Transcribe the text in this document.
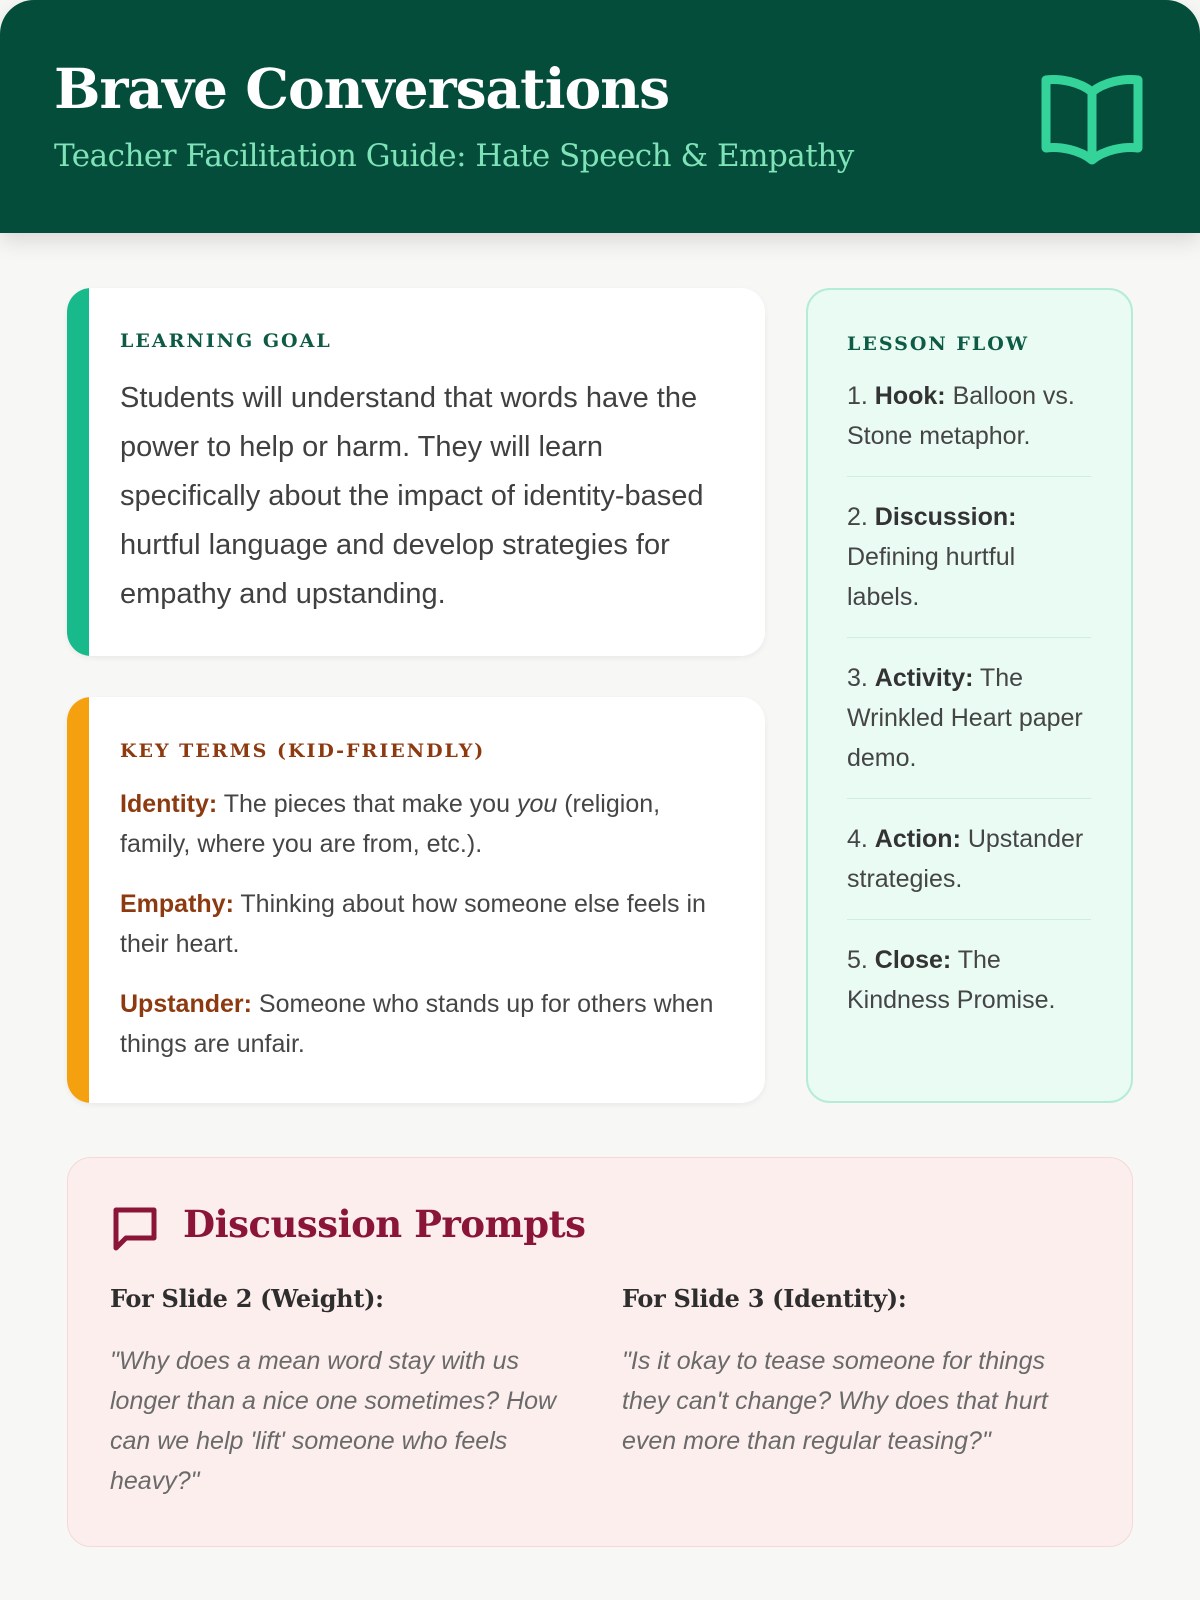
Brave Conversations
Teacher Facilitation Guide: Hate Speech & Empathy
LEARNING GOAL
Students will understand that words have the power to help or harm. They will learn specifically about the impact of identity-based hurtful language and develop strategies for empathy and upstanding.
KEY TERMS (KID-FRIENDLY)

Identity: The pieces that make you you (religion, family, where you are from, etc.).

Empathy: Thinking about how someone else feels in their heart.

Upstander: Someone who stands up for others when things are unfair.

LESSON FLOW
1. Hook: Balloon vs. Stone metaphor.
2. Discussion: Defining hurtful labels.
3. Activity: The Wrinkled Heart paper demo.
4. Action: Upstander strategies.
5. Close: The Kindness Promise.
Discussion Prompts
For Slide 2 (Weight):
"Why does a mean word stay with us longer than a nice one sometimes? How can we help 'lift' someone who feels heavy?"
For Slide 3 (Identity):
"Is it okay to tease someone for things they can't change? Why does that hurt even more than regular teasing?"
